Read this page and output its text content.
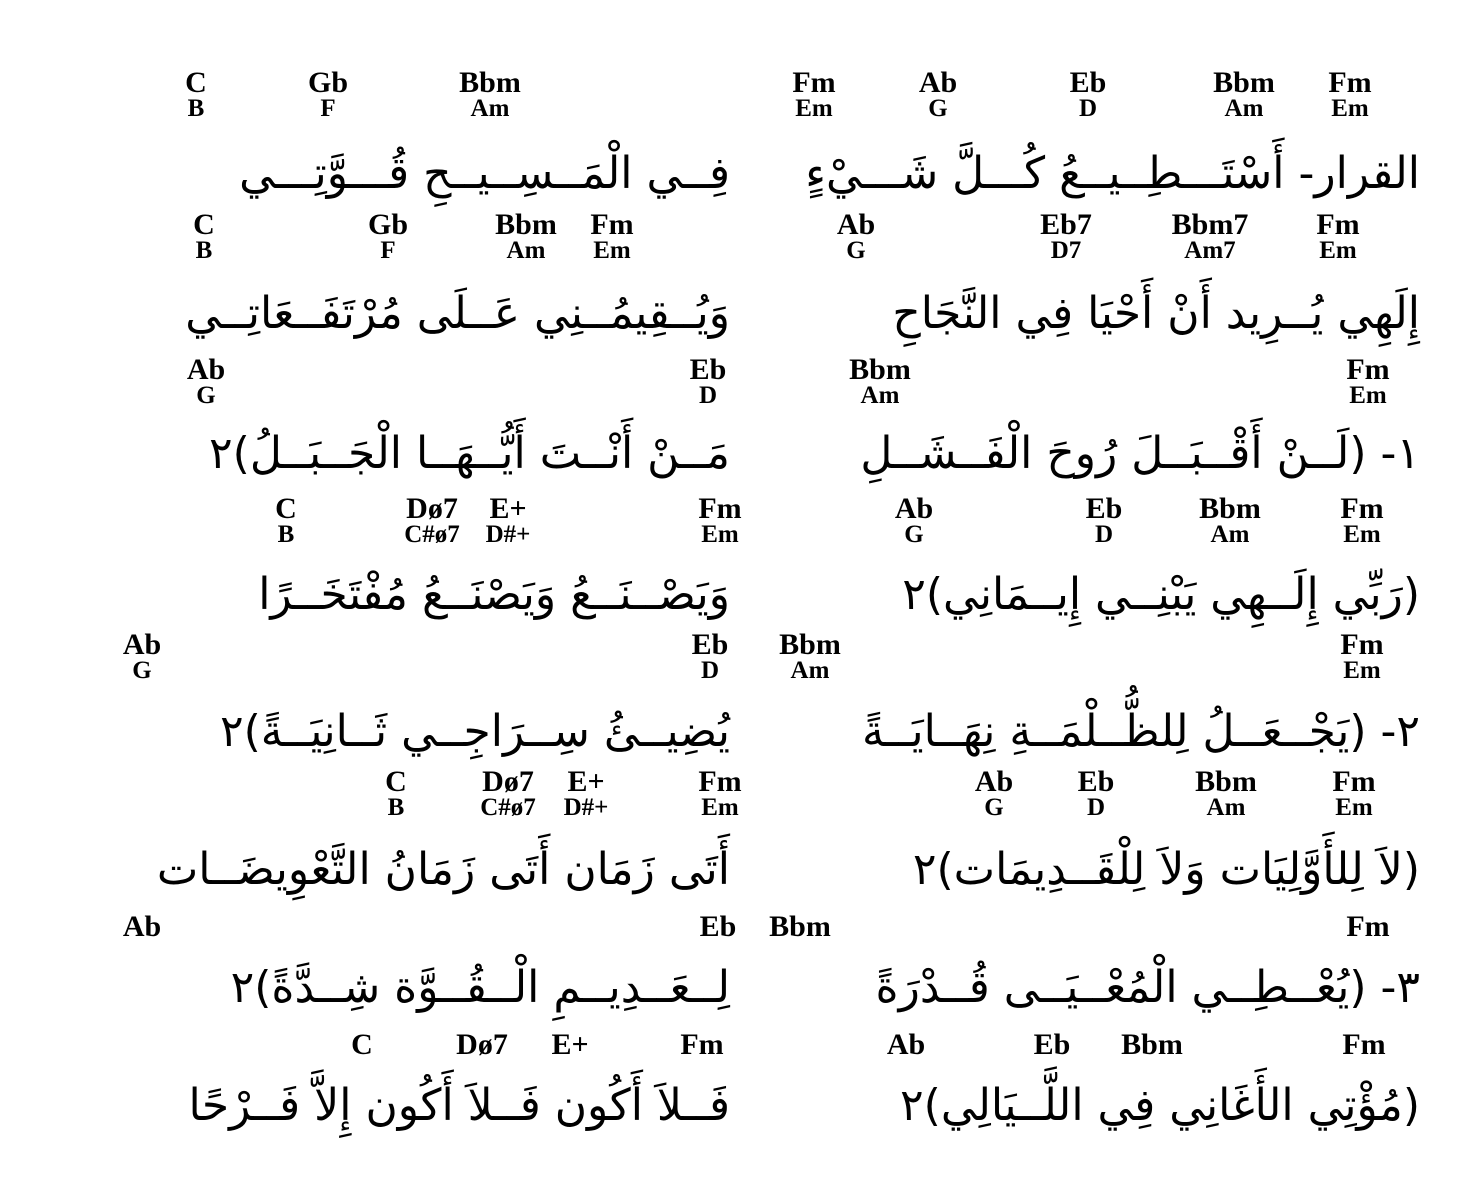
Fm
Em
Ab
G
Eb
D
Bbm
Am
Fm
Em
القرار- أَسْتَـــطِــيــعُ كُـــلَّ شَـــيْءٍ
Ab
G
Eb7
D7
Bbm7
Am7
Fm
Em
إِلَهِي يُــرِيد أَنْ أَحْيَا فِي النَّجَاحِ
Bbm
Am
Fm
Em
١- (لَــنْ أَقْــبَــلَ رُوحَ الْفَــشَــلِ
Ab
G
Eb
D
Bbm
Am
Fm
Em
(رَبِّي إِلَــهِي يَبْنِــي إِيــمَانِي)٢
Bbm
Am
Fm
Em
٢- (يَجْــعَــلُ لِلظُّــلْمَــةِ نِهَــايَــةً
Ab
G
Eb
D
Bbm
Am
Fm
Em
(لاَ لِلأَوَّلِيَات وَلاَ لِلْقَــدِيمَات)٢
Bbm	Fm
٣- (يُعْــطِــي الْمُعْــيَــى قُــدْرَةً
Ab	Eb Bbm	Fm
(مُؤْتِي الأَغَانِي فِي اللَّــيَالِي)٢
C
B
Gb
F
Bbm
Am
فِــي الْمَــسِــيــحِ قُـــوَّتِـــي
C
B
Gb
F
Bbm
Am
Fm
Em
وَيُــقِيمُــنِي عَــلَى مُرْتَفَــعَاتِــي
Ab
G
Eb
D
مَــنْ أَنْــتَ أَيُّــهَــا الْجَــبَــلُ)٢
C
B
Dø7
C#ø7
E+
D#+
Fm
Em
وَيَصْــنَــعُ وَيَصْنَــعُ مُفْتَخَــرًا
Ab
G
Eb
D
يُضِيــئُ سِــرَاجِــي ثَــانِيَــةً)٢
C
B
Dø7
C#ø7
E+
D#+
Fm
Em
أَتَى زَمَان أَتَى زَمَانُ التَّعْوِيضَــات
Ab	Eb
لِــعَــدِيــمِ الْــقُــوَّة شِــدَّةً)٢
C	Dø7 E+	Fm
فَــلاَ أَكُون فَــلاَ أَكُون إِلاَّ فَــرْحًا
